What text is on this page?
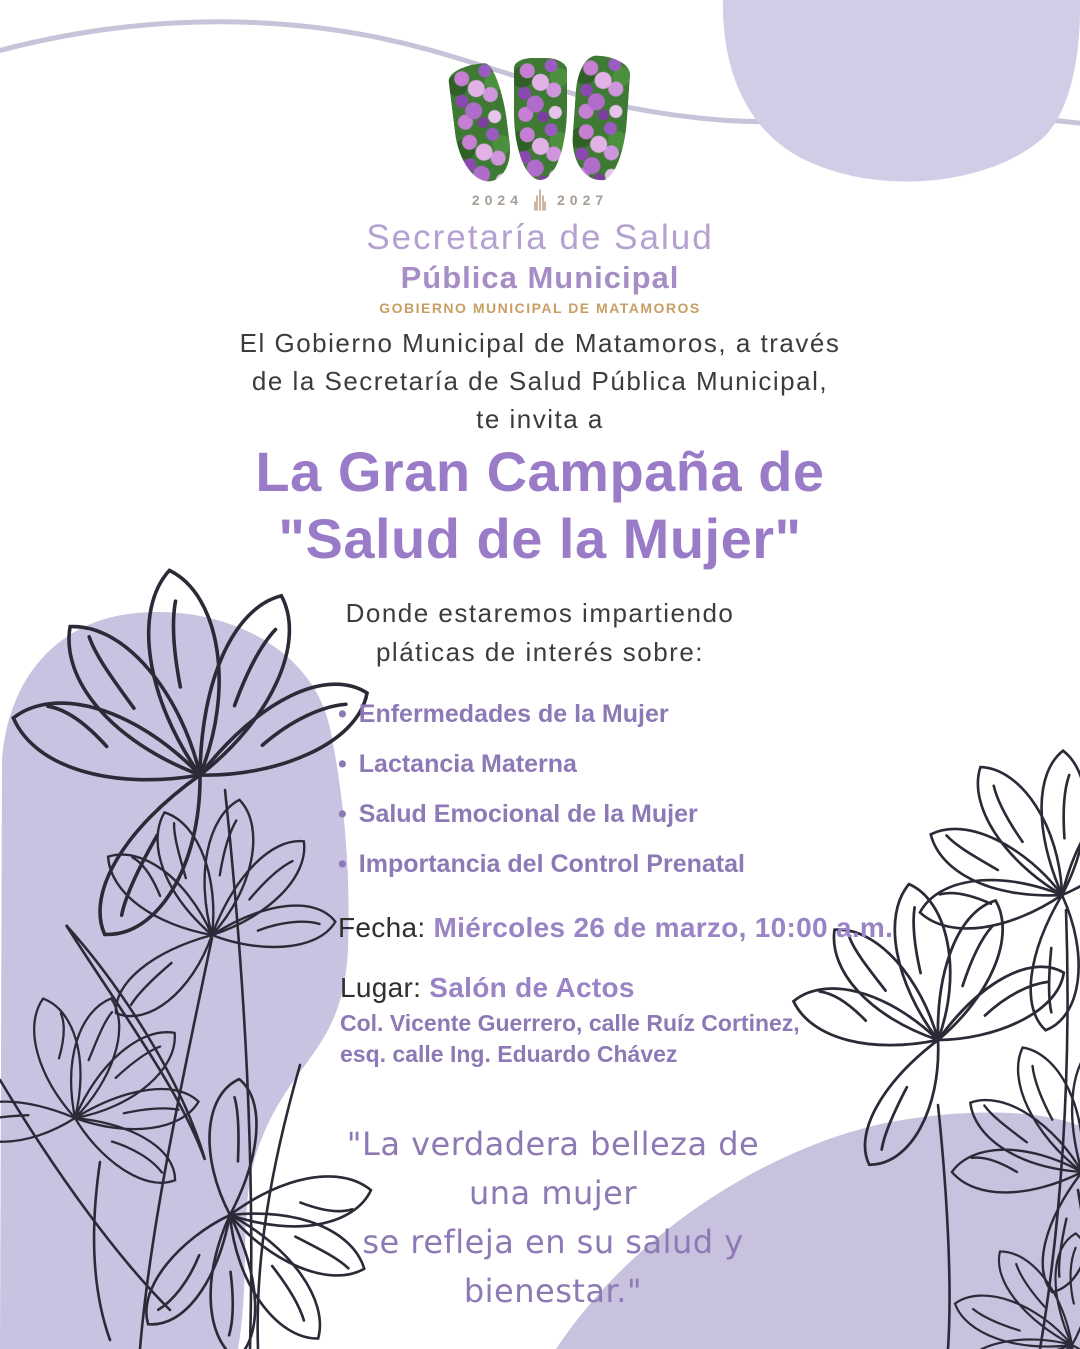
2024 2027
Secretaría de Salud
Pública Municipal
GOBIERNO MUNICIPAL DE MATAMOROS
El Gobierno Municipal de Matamoros, a través
de la Secretaría de Salud Pública Municipal,
te invita a
La Gran Campaña de
"Salud de la Mujer"
Donde estaremos impartiendo
pláticas de interés sobre:
• Enfermedades de la Mujer
• Lactancia Materna
• Salud Emocional de la Mujer
• Importancia del Control Prenatal
Fecha: Miércoles 26 de marzo, 10:00 a.m.
Lugar: Salón de Actos
Col. Vicente Guerrero, calle Ruíz Cortinez,
esq. calle Ing. Eduardo Chávez
"La verdadera belleza de una mujer
se refleja en su salud y bienestar."
